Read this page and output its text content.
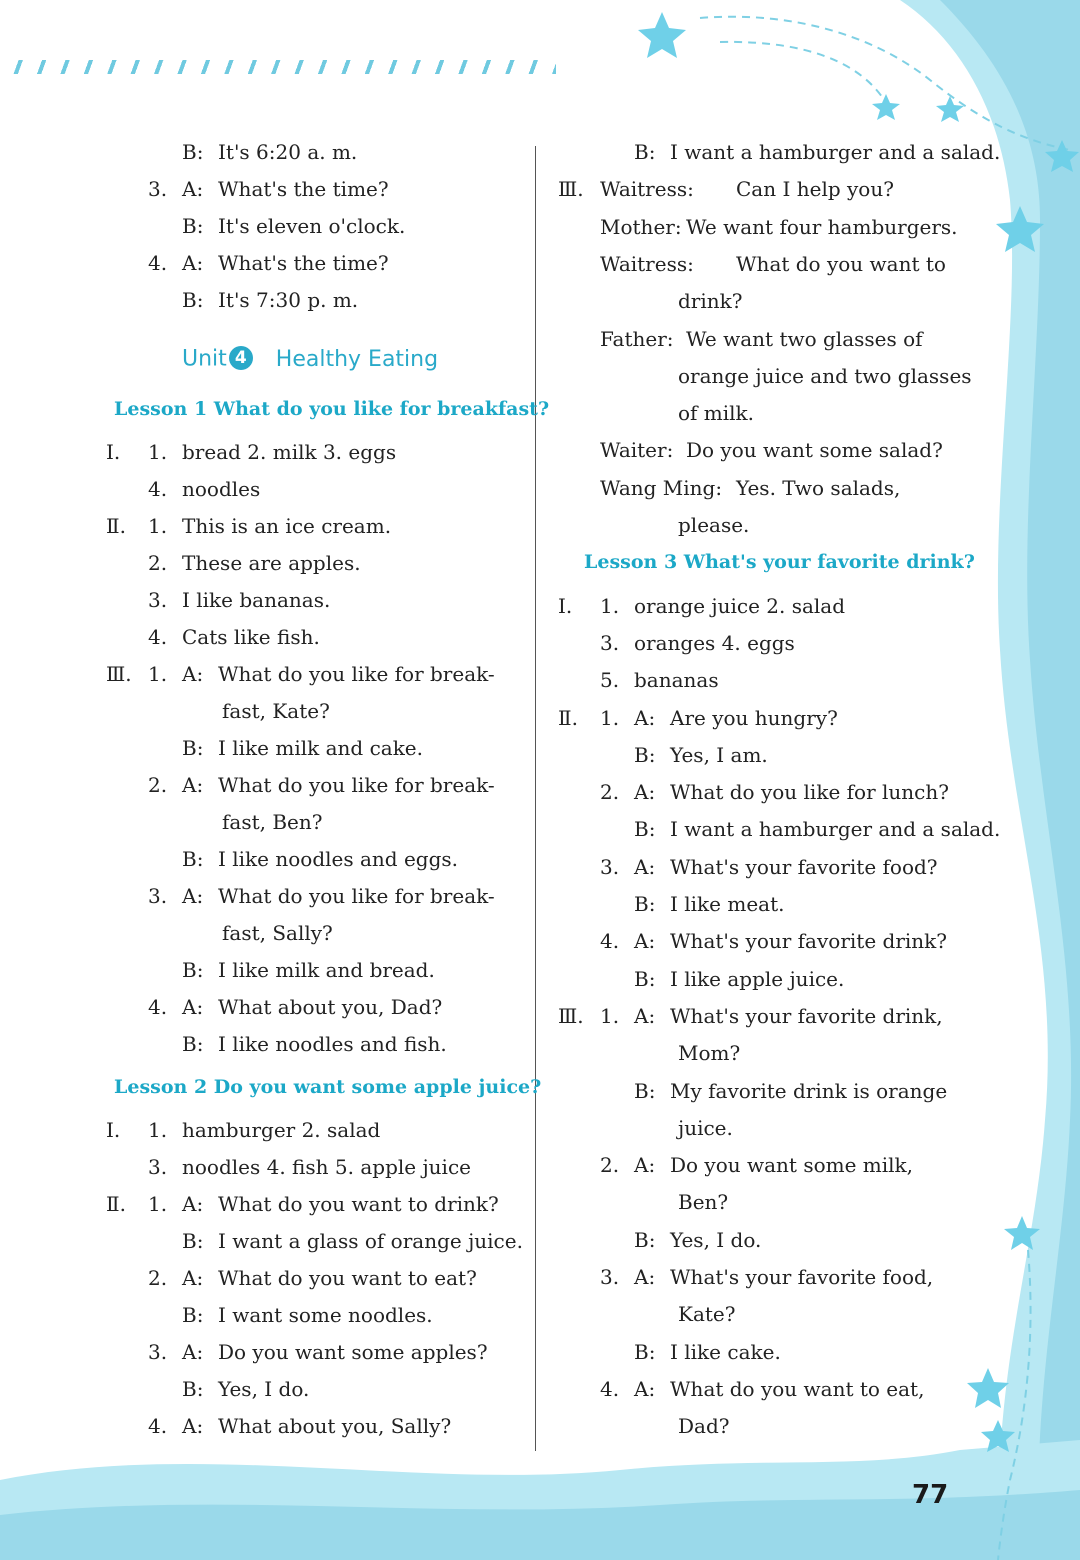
B: It's 6:20 a. m.
3. A: What's the time?
B: It's eleven o'clock.
4. A: What's the time?
B: It's 7:30 p. m.
Lesson 1 What do you like for breakfast?
Ⅰ. 1. bread 2. milk 3. eggs
4. noodles
Ⅱ. 1. This is an ice cream.
2. These are apples.
3. I like bananas.
4. Cats like fish.
Ⅲ. 1. A: What do you like for break-
fast, Kate?
B: I like milk and cake.
2. A: What do you like for break-
fast, Ben?
B: I like noodles and eggs.
3. A: What do you like for break-
fast, Sally?
B: I like milk and bread.
4. A: What about you, Dad?
B: I like noodles and fish.
Lesson 2 Do you want some apple juice?
Ⅰ. 1. hamburger 2. salad
3. noodles 4. fish 5. apple juice
Ⅱ. 1. A: What do you want to drink?
B: I want a glass of orange juice.
2. A: What do you want to eat?
B: I want some noodles.
3. A: Do you want some apples?
B: Yes, I do.
4. A: What about you, Sally?
B: I want a hamburger and a salad.
Ⅲ. Waitress: Can I help you?
Mother: We want four hamburgers.
Waitress: What do you want to
drink?
Father: We want two glasses of
orange juice and two glasses
of milk.
Waiter: Do you want some salad?
Wang Ming: Yes. Two salads,
please.
Lesson 3 What's your favorite drink?
Ⅰ. 1. orange juice 2. salad
3. oranges 4. eggs
5. bananas
Ⅱ. 1. A: Are you hungry?
B: Yes, I am.
2. A: What do you like for lunch?
B: I want a hamburger and a salad.
3. A: What's your favorite food?
B: I like meat.
4. A: What's your favorite drink?
B: I like apple juice.
Ⅲ. 1. A: What's your favorite drink,
Mom?
B: My favorite drink is orange
juice.
2. A: Do you want some milk,
Ben?
B: Yes, I do.
3. A: What's your favorite food,
Kate?
B: I like cake.
4. A: What do you want to eat,
Dad?
Unit 4 Healthy Eating
77
